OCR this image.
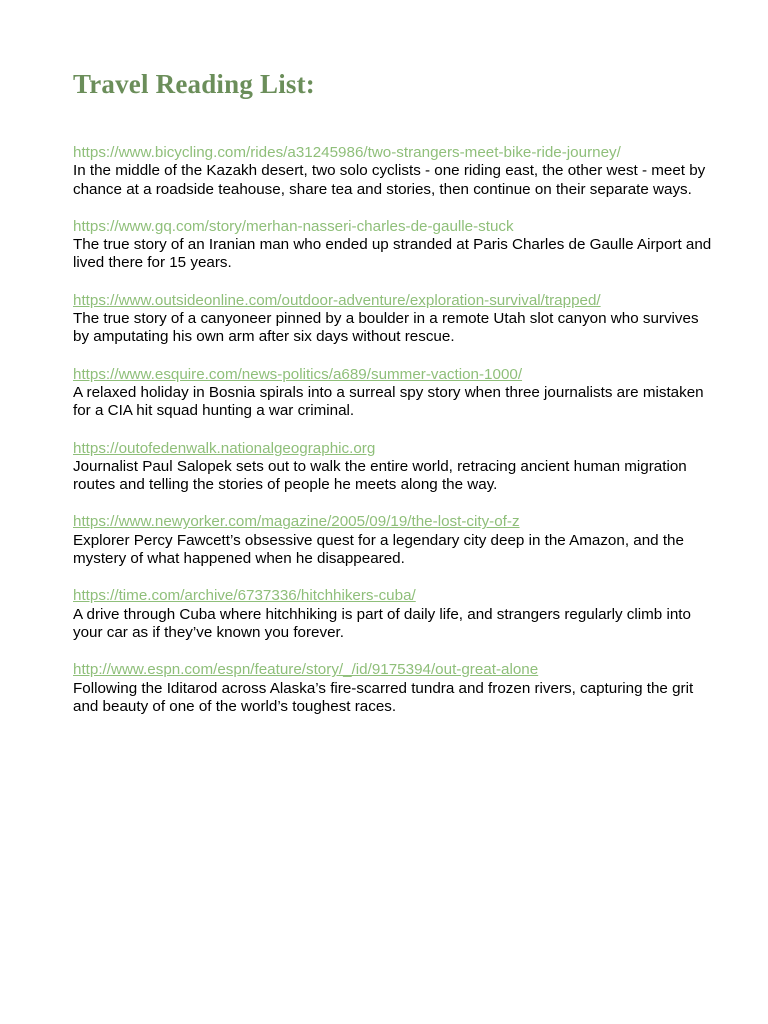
Travel Reading List:
https://www.bicycling.com/rides/a31245986/two-strangers-meet-bike-ride-journey/

In the middle of the Kazakh desert, two solo cyclists - one riding east, the other west - meet by chance at a roadside teahouse, share tea and stories, then continue on their separate ways.

https://www.gq.com/story/merhan-nasseri-charles-de-gaulle-stuck

The true story of an Iranian man who ended up stranded at Paris Charles de Gaulle Airport and lived there for 15 years.

https://www.outsideonline.com/outdoor-adventure/exploration-survival/trapped/

The true story of a canyoneer pinned by a boulder in a remote Utah slot canyon who survives by amputating his own arm after six days without rescue.

https://www.esquire.com/news-politics/a689/summer-vaction-1000/

A relaxed holiday in Bosnia spirals into a surreal spy story when three journalists are mistaken for a CIA hit squad hunting a war criminal.

https://outofedenwalk.nationalgeographic.org

Journalist Paul Salopek sets out to walk the entire world, retracing ancient human migration routes and telling the stories of people he meets along the way.

https://www.newyorker.com/magazine/2005/09/19/the-lost-city-of-z

Explorer Percy Fawcett’s obsessive quest for a legendary city deep in the Amazon, and the mystery of what happened when he disappeared.

https://time.com/archive/6737336/hitchhikers-cuba/

A drive through Cuba where hitchhiking is part of daily life, and strangers regularly climb into your car as if they’ve known you forever.

http://www.espn.com/espn/feature/story/_/id/9175394/out-great-alone

Following the Iditarod across Alaska’s fire-scarred tundra and frozen rivers, capturing the grit and beauty of one of the world’s toughest races.
